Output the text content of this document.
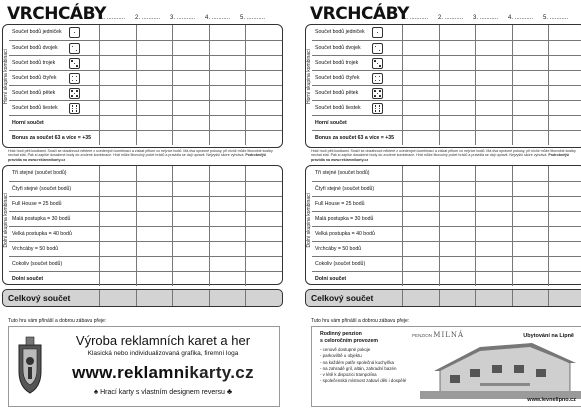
VRCHCÁBY
1. ........... 2. ........... 3. ........... 4. ........... 5. ...........
Horní skupina kombinací
Součet bodů jedniček
Součet bodů dvojek
Součet bodů trojek
Součet bodů čtyřek
Součet bodů pětek
Součet bodů šestek
Horní součet
Bonus za součet 63 a více = +35
Hráč hodí pěti kostkami. Snaží se dosáhnout některé z uvedených kombinací a získat přitom co nejvíce bodů. Má dva opravné pokusy, při nichž může libovolné kostky nechat stát. Pak si zapíše dosažené body do zvolené kombinace. Hrát může libovolný počet hráčů a pravidla se dají upravit. Nejvyšší skóre vyhrává. Podrobnější pravidla na www.reklamnikarty.cz
Dolní skupina kombinací
Tři stejné (součet bodů)
Čtyři stejné (součet bodů)
Full House = 25 bodů
Malá postupka = 30 bodů
Velká postupka = 40 bodů
Vrchcáby = 50 bodů
Cokoliv (součet bodů)
Dolní součet
Celkový součet
Tuto hru vám přináší a dobrou zábavu přeje:
Výroba reklamních karet a her
Klasická nebo individualizovaná grafika, firemní loga
www.reklamnikarty.cz
♠ Hrací karty s vlastním designem reversu ♣
VRCHCÁBY
1. ........... 2. ........... 3. ........... 4. ........... 5. ...........
Horní skupina kombinací
Součet bodů jedniček
Součet bodů dvojek
Součet bodů trojek
Součet bodů čtyřek
Součet bodů pětek
Součet bodů šestek
Horní součet
Bonus za součet 63 a více = +35
Hráč hodí pěti kostkami. Snaží se dosáhnout některé z uvedených kombinací a získat přitom co nejvíce bodů. Má dva opravné pokusy, při nichž může libovolné kostky nechat stát. Pak si zapíše dosažené body do zvolené kombinace. Hrát může libovolný počet hráčů a pravidla se dají upravit. Nejvyšší skóre vyhrává. Podrobnější pravidla na www.reklamnikarty.cz
Dolní skupina kombinací
Tři stejné (součet bodů)
Čtyři stejné (součet bodů)
Full House = 25 bodů
Malá postupka = 30 bodů
Velká postupka = 40 bodů
Vrchcáby = 50 bodů
Cokoliv (součet bodů)
Dolní součet
Celkový součet
Tuto hru vám přináší a dobrou zábavu přeje:
Rodinný penzion
s celoročním provozem
PENZION MILNÁ	Ubytování na Lipně
- cenově dostupné pokoje
- parkoviště u objektu
- na každém patře společná kuchyňka
- na zahradě gril, altán, zahradní bazén
- v létě k dispozici trampolína
- společenská místnost zabaví děti i dospělé
www.levnelipno.cz
